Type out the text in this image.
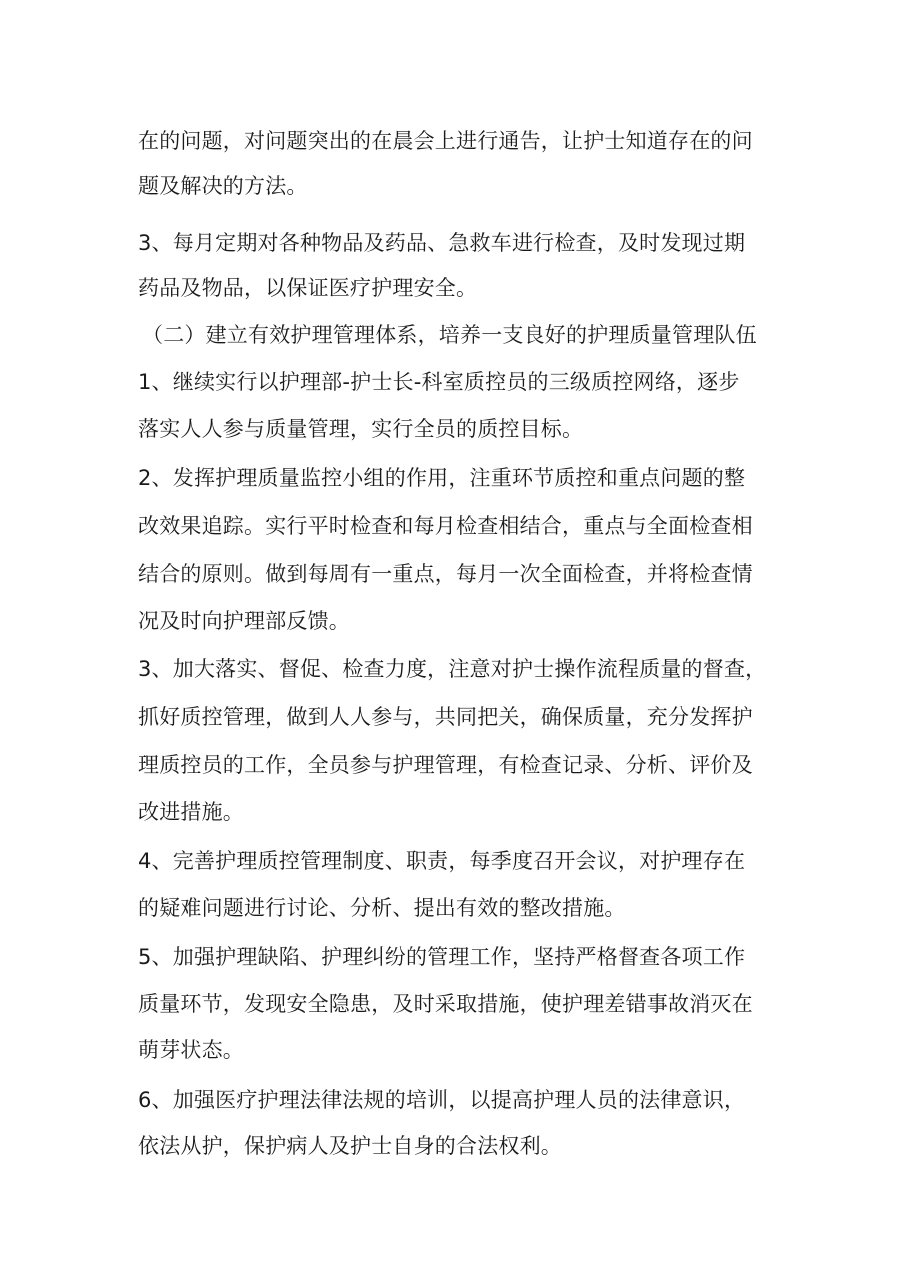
在的问题，对问题突出的在晨会上进行通告，让护士知道存在的问
题及解决的方法。
3、每月定期对各种物品及药品、急救车进行检查，及时发现过期
药品及物品，以保证医疗护理安全。
（二）建立有效护理管理体系，培养一支良好的护理质量管理队伍
1、继续实行以护理部-护士长-科室质控员的三级质控网络，逐步
落实人人参与质量管理，实行全员的质控目标。
2、发挥护理质量监控小组的作用，注重环节质控和重点问题的整
改效果追踪。实行平时检查和每月检查相结合，重点与全面检查相
结合的原则。做到每周有一重点，每月一次全面检查，并将检查情
况及时向护理部反馈。
3、加大落实、督促、检查力度，注意对护士操作流程质量的督查，
抓好质控管理，做到人人参与，共同把关，确保质量，充分发挥护
理质控员的工作，全员参与护理管理，有检查记录、分析、评价及
改进措施。
4、完善护理质控管理制度、职责，每季度召开会议，对护理存在
的疑难问题进行讨论、分析、提出有效的整改措施。
5、加强护理缺陷、护理纠纷的管理工作，坚持严格督查各项工作
质量环节，发现安全隐患，及时采取措施，使护理差错事故消灭在
萌芽状态。
6、加强医疗护理法律法规的培训，以提高护理人员的法律意识，
依法从护，保护病人及护士自身的合法权利。
